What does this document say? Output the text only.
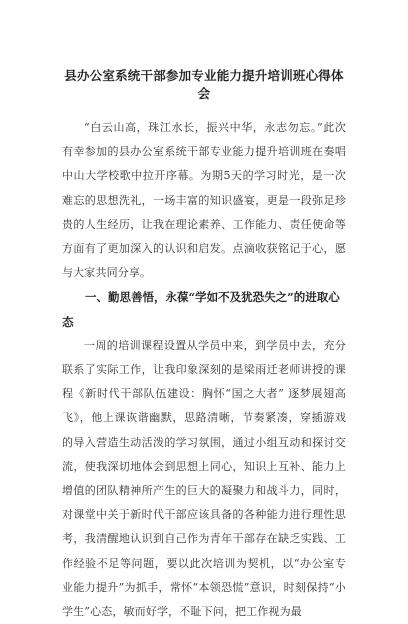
县办公室系统干部参加专业能力提升培训班心得体会

“白云山高，珠江水长，振兴中华，永志勿忘。”此次有幸参加的县办公室系统干部专业能力提升培训班在奏唱中山大学校歌中拉开序幕。为期5天的学习时光，是一次难忘的思想洗礼，一场丰富的知识盛宴，更是一段弥足珍贵的人生经历，让我在理论素养、工作能力、责任使命等方面有了更加深入的认识和启发。点滴收获铭记于心，愿与大家共同分享。

一、勤思善悟，永葆“学如不及犹恐失之”的进取心态

一周的培训课程设置从学员中来，到学员中去，充分联系了实际工作，让我印象深刻的是梁雨迁老师讲授的课程《新时代干部队伍建设：胸怀“国之大者” 逐梦展翅高飞》，他上课诙谐幽默，思路清晰，节奏紧凑，穿插游戏的导入营造生动活泼的学习氛围，通过小组互动和探讨交流，使我深切地体会到思想上同心，知识上互补、能力上增值的团队精神所产生的巨大的凝聚力和战斗力，同时，对课堂中关于新时代干部应该具备的各种能力进行理性思考，我清醒地认识到自己作为青年干部存在缺乏实践、工作经验不足等问题，要以此次培训为契机，以“办公室专业能力提升”为抓手，常怀“本领恐慌”意识，时刻保持“小学生”心态，敏而好学，不耻下问，把工作视为最
